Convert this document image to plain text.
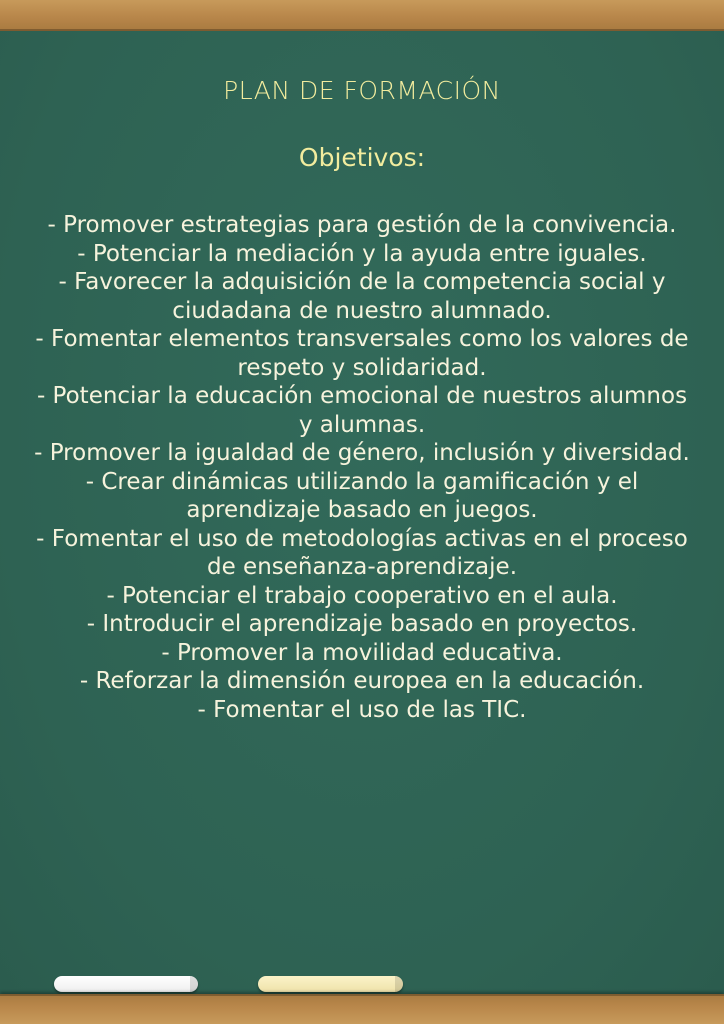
PLAN DE FORMACIÓN
Objetivos:
- Promover estrategias para gestión de la convivencia.
- Potenciar la mediación y la ayuda entre iguales.
- Favorecer la adquisición de la competencia social y ciudadana de nuestro alumnado.
- Fomentar elementos transversales como los valores de respeto y solidaridad.
- Potenciar la educación emocional de nuestros alumnos y alumnas.
- Promover la igualdad de género, inclusión y diversidad.
- Crear dinámicas utilizando la gamificación y el aprendizaje basado en juegos.
- Fomentar el uso de metodologías activas en el proceso de enseñanza-aprendizaje.
- Potenciar el trabajo cooperativo en el aula.
- Introducir el aprendizaje basado en proyectos.
- Promover la movilidad educativa.
- Reforzar la dimensión europea en la educación.
- Fomentar el uso de las TIC.
